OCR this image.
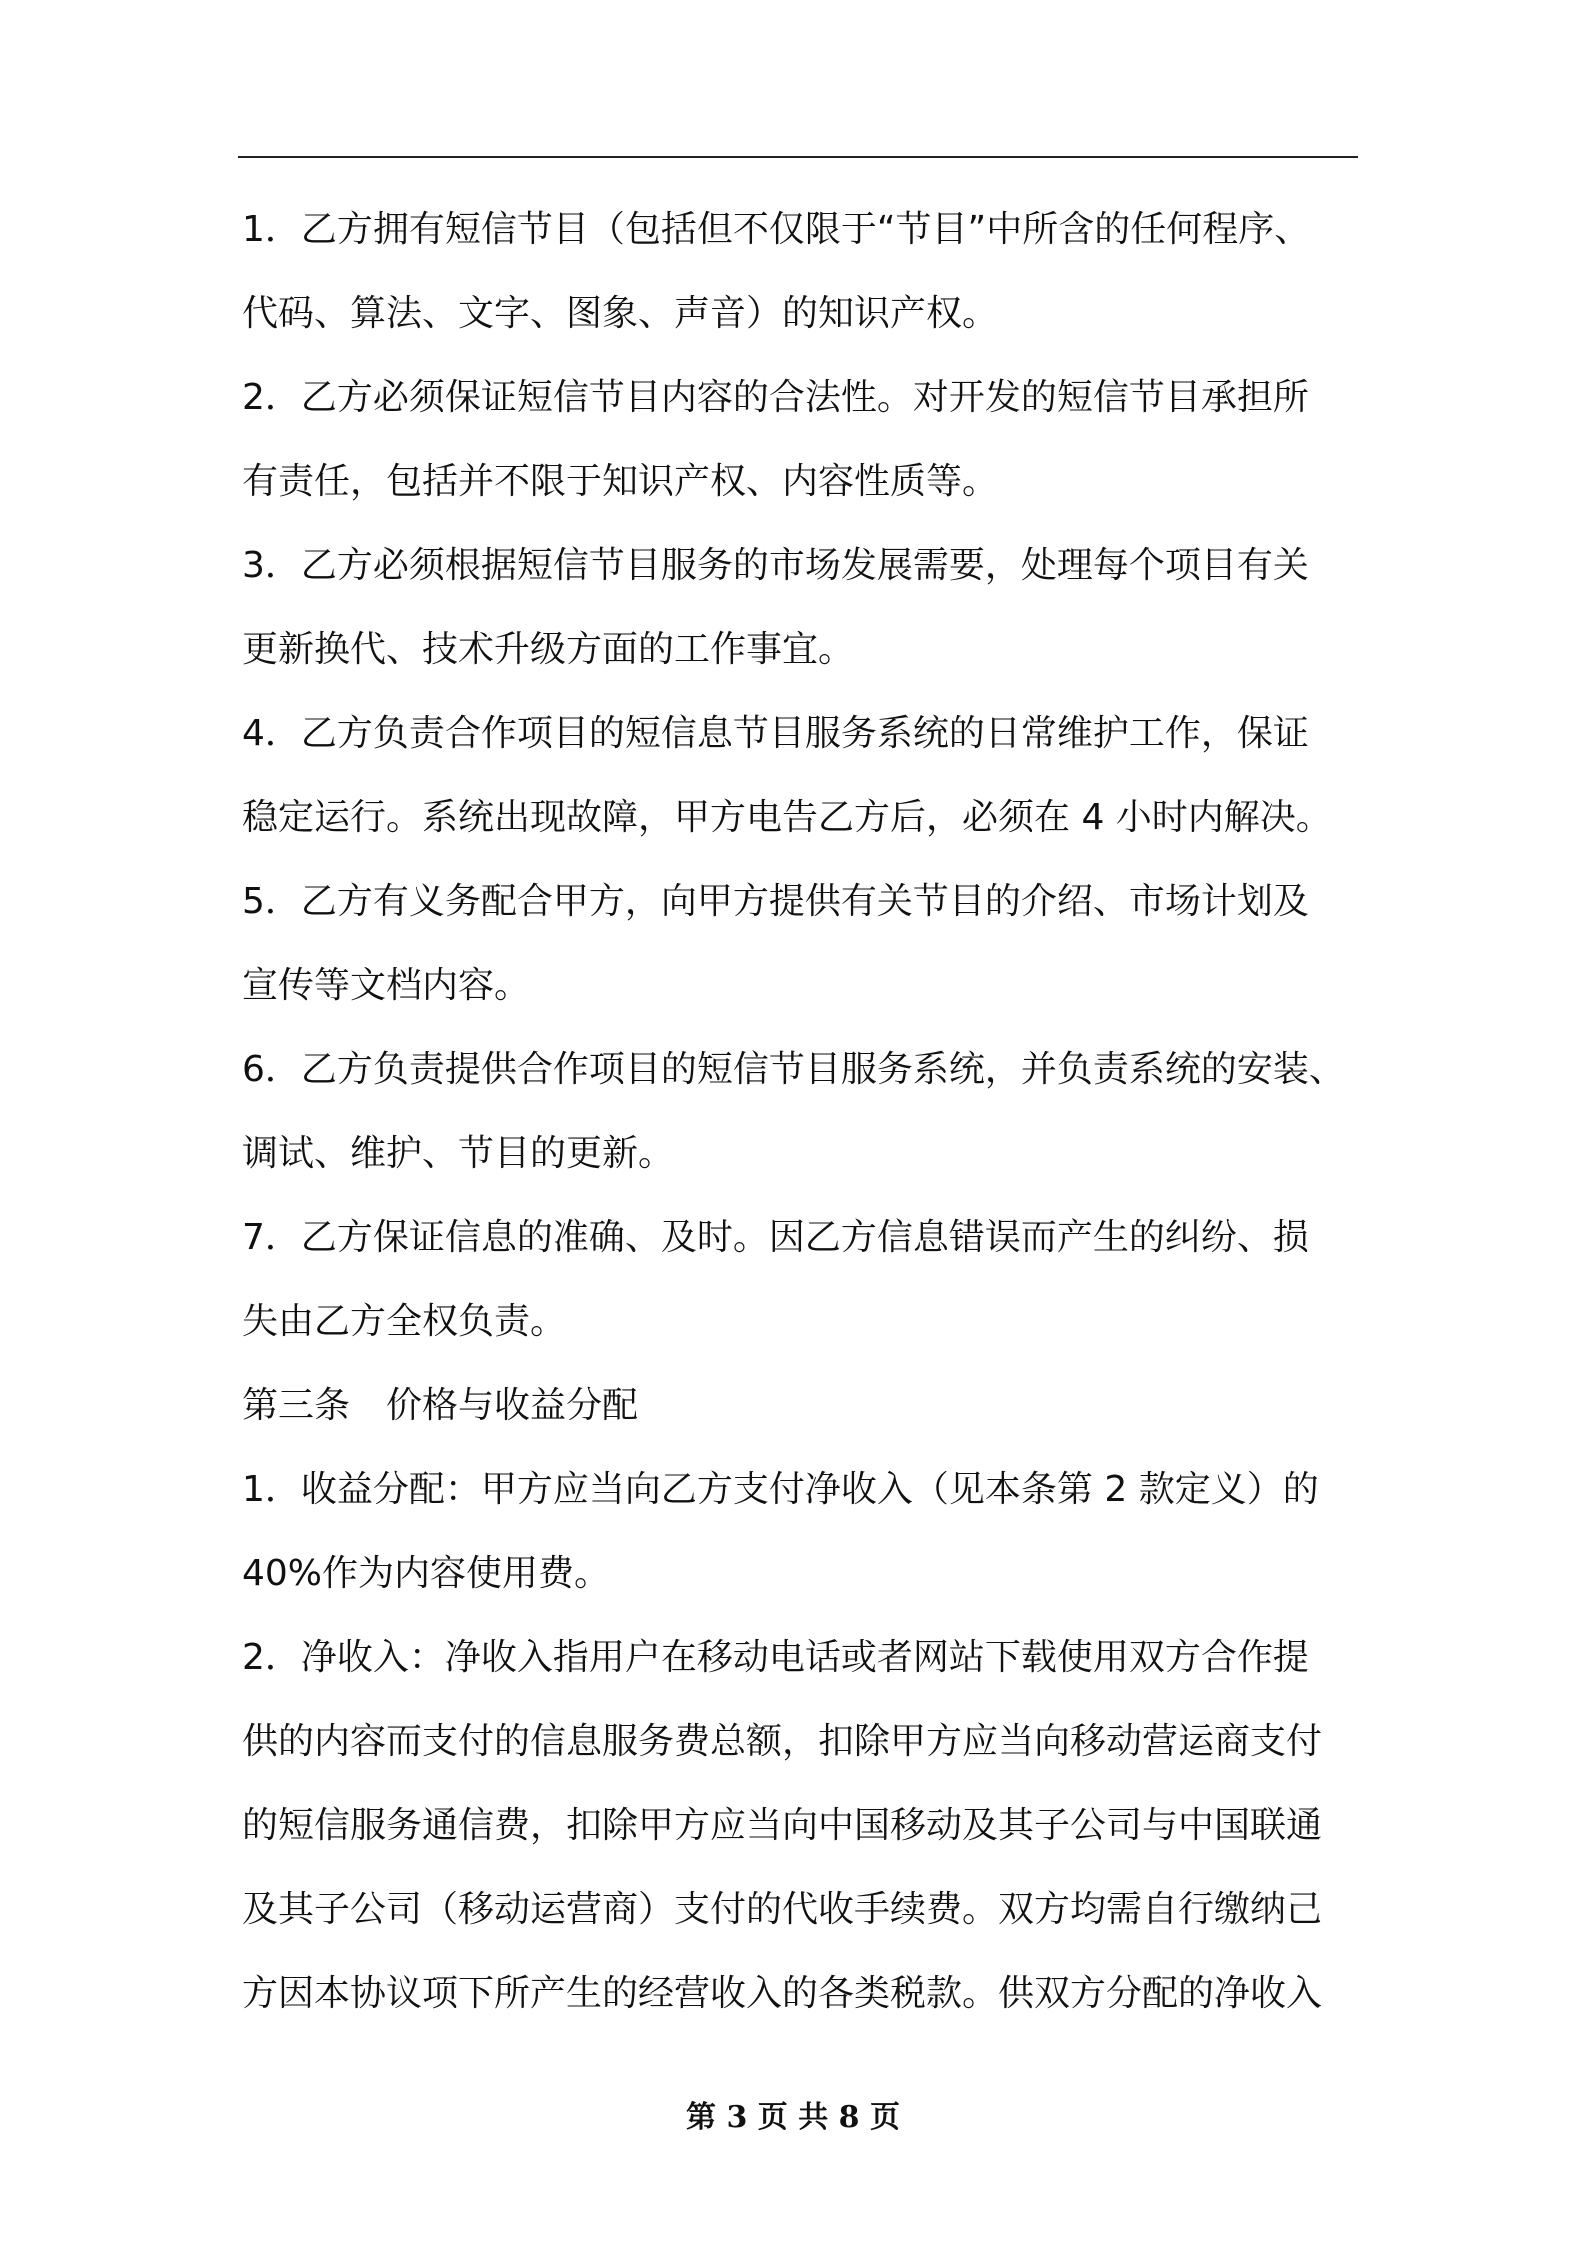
1．乙方拥有短信节目（包括但不仅限于“节目”中所含的任何程序、
代码、算法、文字、图象、声音）的知识产权。
2．乙方必须保证短信节目内容的合法性。对开发的短信节目承担所
有责任，包括并不限于知识产权、内容性质等。
3．乙方必须根据短信节目服务的市场发展需要，处理每个项目有关
更新换代、技术升级方面的工作事宜。
4．乙方负责合作项目的短信息节目服务系统的日常维护工作，保证
稳定运行。系统出现故障，甲方电告乙方后，必须在 4 小时内解决。
5．乙方有义务配合甲方，向甲方提供有关节目的介绍、市场计划及
宣传等文档内容。
6．乙方负责提供合作项目的短信节目服务系统，并负责系统的安装、
调试、维护、节目的更新。
7．乙方保证信息的准确、及时。因乙方信息错误而产生的纠纷、损
失由乙方全权负责。
第三条　价格与收益分配
1．收益分配：甲方应当向乙方支付净收入（见本条第 2 款定义）的
40%作为内容使用费。
2．净收入：净收入指用户在移动电话或者网站下载使用双方合作提
供的内容而支付的信息服务费总额，扣除甲方应当向移动营运商支付
的短信服务通信费，扣除甲方应当向中国移动及其子公司与中国联通
及其子公司（移动运营商）支付的代收手续费。双方均需自行缴纳己
方因本协议项下所产生的经营收入的各类税款。供双方分配的净收入
第 3 页 共 8 页
